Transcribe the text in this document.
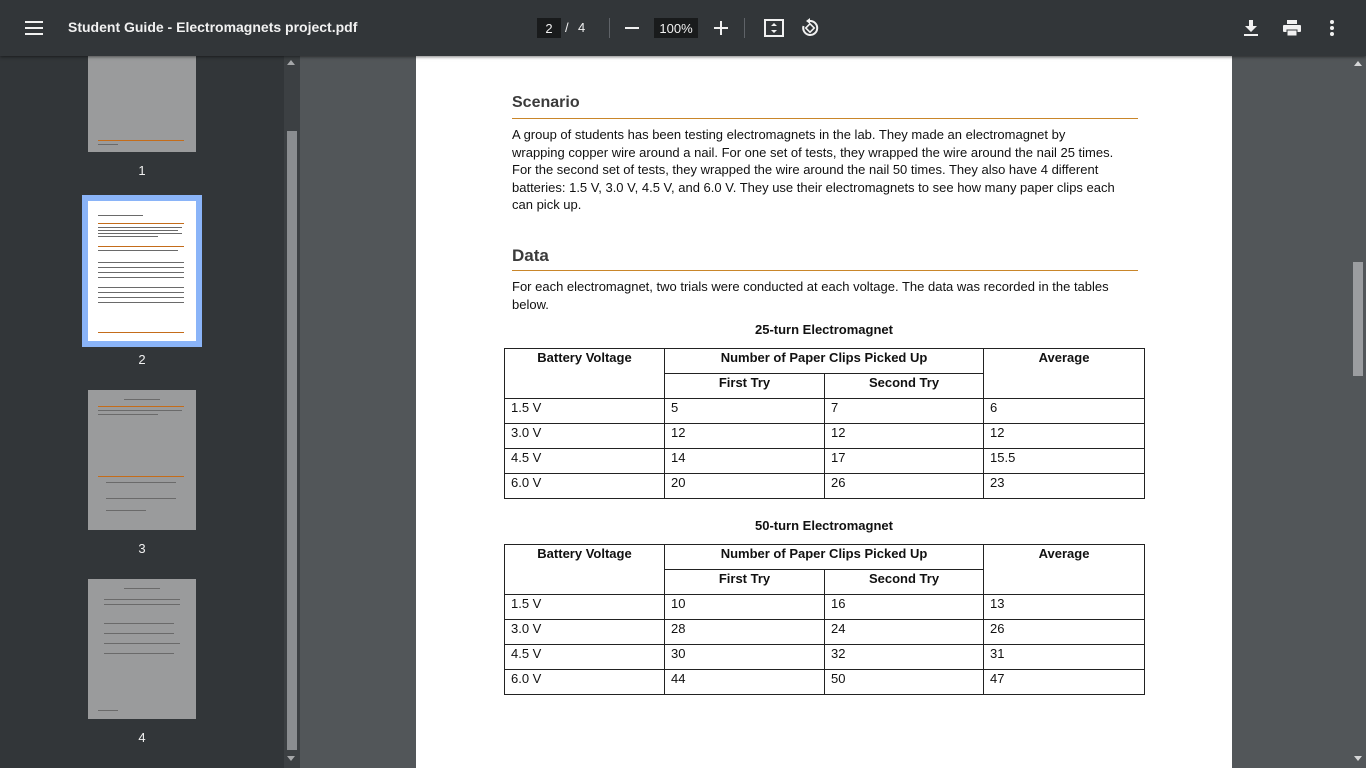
Student Guide - Electromagnets project.pdf
2	/ 4
100%
1
2
3
4
Scenario
A group of students has been testing electromagnets in the lab. They made an electromagnet by
wrapping copper wire around a nail. For one set of tests, they wrapped the wire around the nail 25 times.
For the second set of tests, they wrapped the wire around the nail 50 times. They also have 4 different
batteries: 1.5 V, 3.0 V, 4.5 V, and 6.0 V. They use their electromagnets to see how many paper clips each
can pick up.
Data
For each electromagnet, two trials were conducted at each voltage. The data was recorded in the tables
below.
25-turn Electromagnet
Battery Voltage	Number of Paper Clips Picked Up		Average
	First Try	Second Try	
1.5 V	5	7	6
3.0 V	12	12	12
4.5 V	14	17	15.5
6.0 V	20	26	23
50-turn Electromagnet
Battery Voltage	Number of Paper Clips Picked Up		Average
	First Try	Second Try	
1.5 V	10	16	13
3.0 V	28	24	26
4.5 V	30	32	31
6.0 V	44	50	47
